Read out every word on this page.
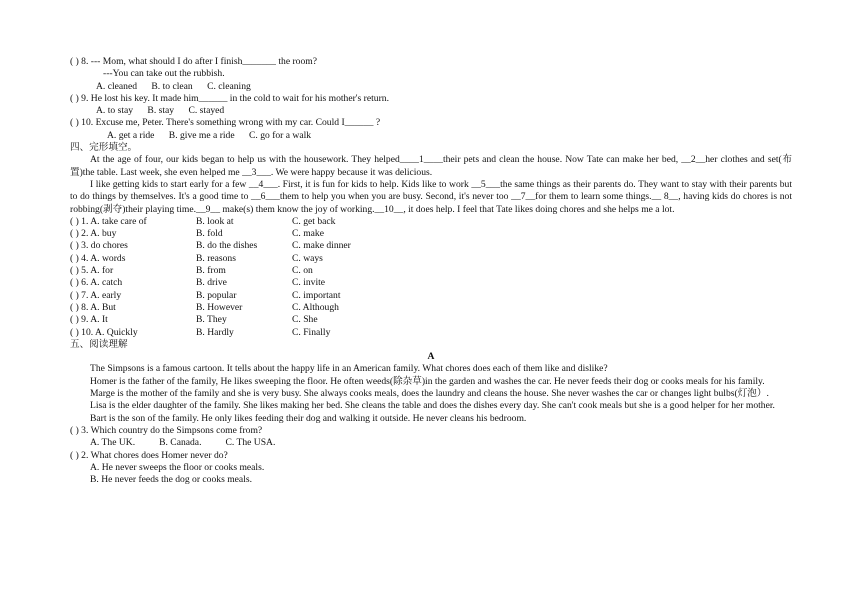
( ) 8. --- Mom, what should I do after I finish_______ the room?
---You can take out the rubbish.
A. cleaned      B. to clean      C. cleaning
( ) 9. He lost his key. It made him______ in the cold to wait for his mother's return.
A. to stay      B. stay      C. stayed
( ) 10. Excuse me, Peter. There's something wrong with my car. Could I______ ?
A. get a ride      B. give me a ride      C. go for a walk
四、完形填空。
At the age of four, our kids began to help us with the housework. They helped____1____their pets and clean the house. Now Tate can make her bed, __2__her clothes and set(布置)the table. Last week, she even helped me __3___. We were happy because it was delicious.
I like getting kids to start early for a few __4___. First, it is fun for kids to help. Kids like to work __5___the same things as their parents do. They want to stay with their parents but to do things by themselves. It's a good time to __6___them to help you when you are busy. Second, it's never too __7__for them to learn some things.__ 8__, having kids do chores is not robbing(剥夺)their playing time.__9__ make(s) them know the joy of working.__10__, it does help. I feel that Tate likes doing chores and she helps me a lot.
( ) 1. A. take care of	B. look at	C. get back
( ) 2. A. buy	B. fold	C. make
( ) 3. do chores	B. do the dishes	C. make dinner
( ) 4. A. words	B. reasons	C. ways
( ) 5. A. for	B. from	C. on
( ) 6. A. catch	B. drive	C. invite
( ) 7. A. early	B. popular	C. important
( ) 8. A. But	B. However	C. Although
( ) 9. A. It	B. They	C. She
( ) 10. A. Quickly	B. Hardly	C. Finally
五、阅读理解
A
The Simpsons is a famous cartoon. It tells about the happy life in an American family. What chores does each of them like and dislike?
Homer is the father of the family, He likes sweeping the floor. He often weeds(除杂草)in the garden and washes the car. He never feeds their dog or cooks meals for his family.
Marge is the mother of the family and she is very busy. She always cooks meals, does the laundry and cleans the house. She never washes the car or changes light bulbs(灯泡）.
Lisa is the elder daughter of the family. She likes making her bed. She cleans the table and does the dishes every day. She can't cook meals but she is a good helper for her mother.
Bart is the son of the family. He only likes feeding their dog and walking it outside. He never cleans his bedroom.
( ) 3. Which country do the Simpsons come from?
A. The UK.          B. Canada.          C. The USA.
( ) 2. What chores does Homer never do?
A. He never sweeps the floor or cooks meals.
B. He never feeds the dog or cooks meals.
